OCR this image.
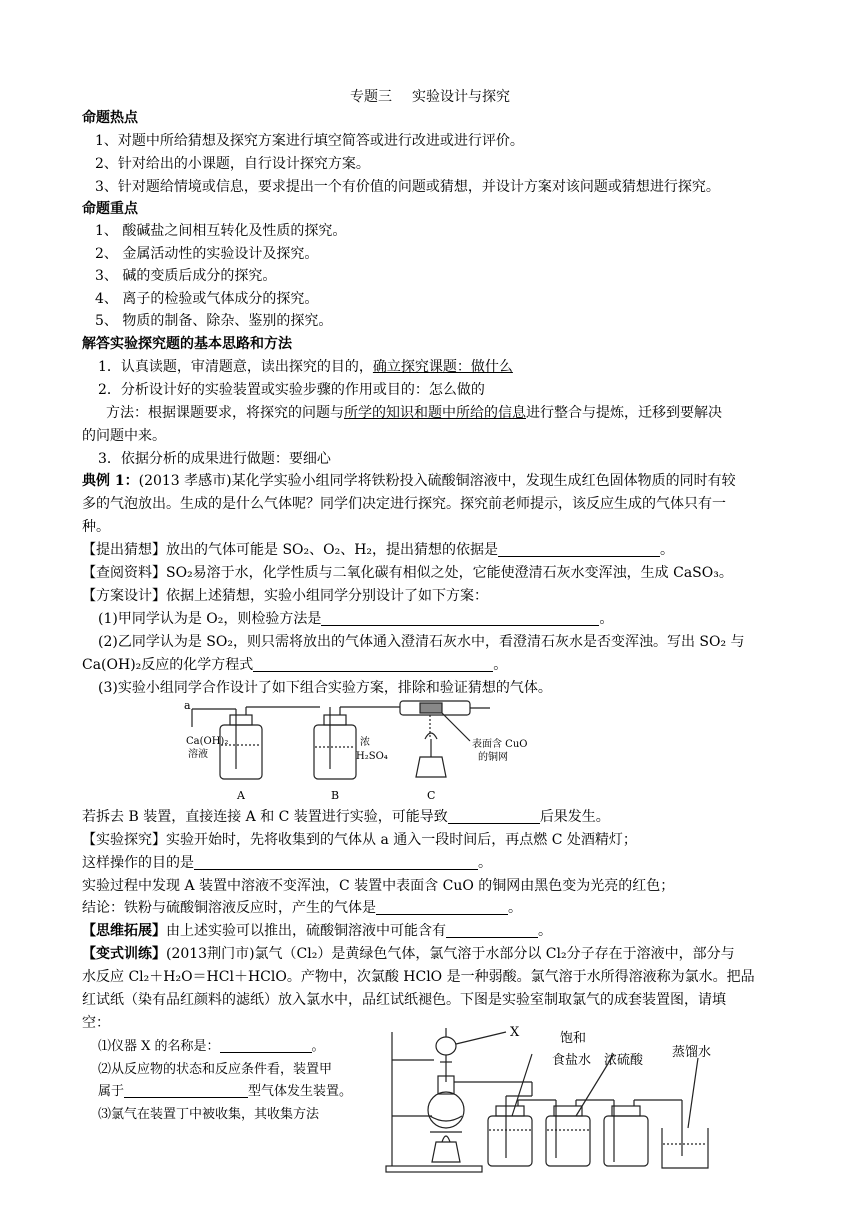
专题三 实验设计与探究
命题热点
1、对题中所给猜想及探究方案进行填空简答或进行改进或进行评价。
2、针对给出的小课题，自行设计探究方案。
3、针对题给情境或信息，要求提出一个有价值的问题或猜想，并设计方案对该问题或猜想进行探究。
命题重点
1、 酸碱盐之间相互转化及性质的探究。
2、 金属活动性的实验设计及探究。
3、 碱的变质后成分的探究。
4、 离子的检验或气体成分的探究。
5、 物质的制备、除杂、鉴别的探究。
解答实验探究题的基本思路和方法
1．认真读题，审清题意，读出探究的目的，确立探究课题：做什么
2．分析设计好的实验装置或实验步骤的作用或目的：怎么做的
方法：根据课题要求，将探究的问题与所学的知识和题中所给的信息进行整合与提炼，迁移到要解决
的问题中来。
3．依据分析的成果进行做题：要细心
典例 1：(2013 孝感市)某化学实验小组同学将铁粉投入硫酸铜溶液中，发现生成红色固体物质的同时有较
多的气泡放出。生成的是什么气体呢？同学们决定进行探究。探究前老师提示，该反应生成的气体只有一
种。
【提出猜想】放出的气体可能是 SO₂、O₂、H₂，提出猜想的依据是	。
【查阅资料】SO₂易溶于水，化学性质与二氧化碳有相似之处，它能使澄清石灰水变浑浊，生成 CaSO₃。
【方案设计】依据上述猜想，实验小组同学分别设计了如下方案：
(1)甲同学认为是 O₂，则检验方法是	。
(2)乙同学认为是 SO₂，则只需将放出的气体通入澄清石灰水中，看澄清石灰水是否变浑浊。写出 SO₂ 与
Ca(OH)₂反应的化学方程式	。
(3)实验小组同学合作设计了如下组合实验方案，排除和验证猜想的气体。
a
Ca(OH)₂
溶液
浓
H₂SO₄
表面含 CuO
的铜网
A	B	C
若拆去 B 装置，直接连接 A 和 C 装置进行实验，可能导致	后果发生。
【实验探究】实验开始时，先将收集到的气体从 a 通入一段时间后，再点燃 C 处酒精灯；
这样操作的目的是	。
实验过程中发现 A 装置中溶液不变浑浊，C 装置中表面含 CuO 的铜网由黑色变为光亮的红色；
结论：铁粉与硫酸铜溶液反应时，产生的气体是	。
【思维拓展】由上述实验可以推出，硫酸铜溶液中可能含有	。
【变式训练】(2013荆门市)氯气（Cl₂）是黄绿色气体，氯气溶于水部分以 Cl₂分子存在于溶液中，部分与
水反应 Cl₂＋H₂O＝HCl＋HClO。产物中，次氯酸 HClO 是一种弱酸。氯气溶于水所得溶液称为氯水。把品
红试纸（染有品红颜料的滤纸）放入氯水中，品红试纸褪色。下图是实验室制取氯气的成套装置图，请填
空：
⑴仪器 X 的名称是：	。
⑵从反应物的状态和反应条件看，装置甲
属于	型气体发生装置。
⑶氯气在装置丁中被收集，其收集方法
X	饱和
食盐水 浓硫酸
蒸馏水
